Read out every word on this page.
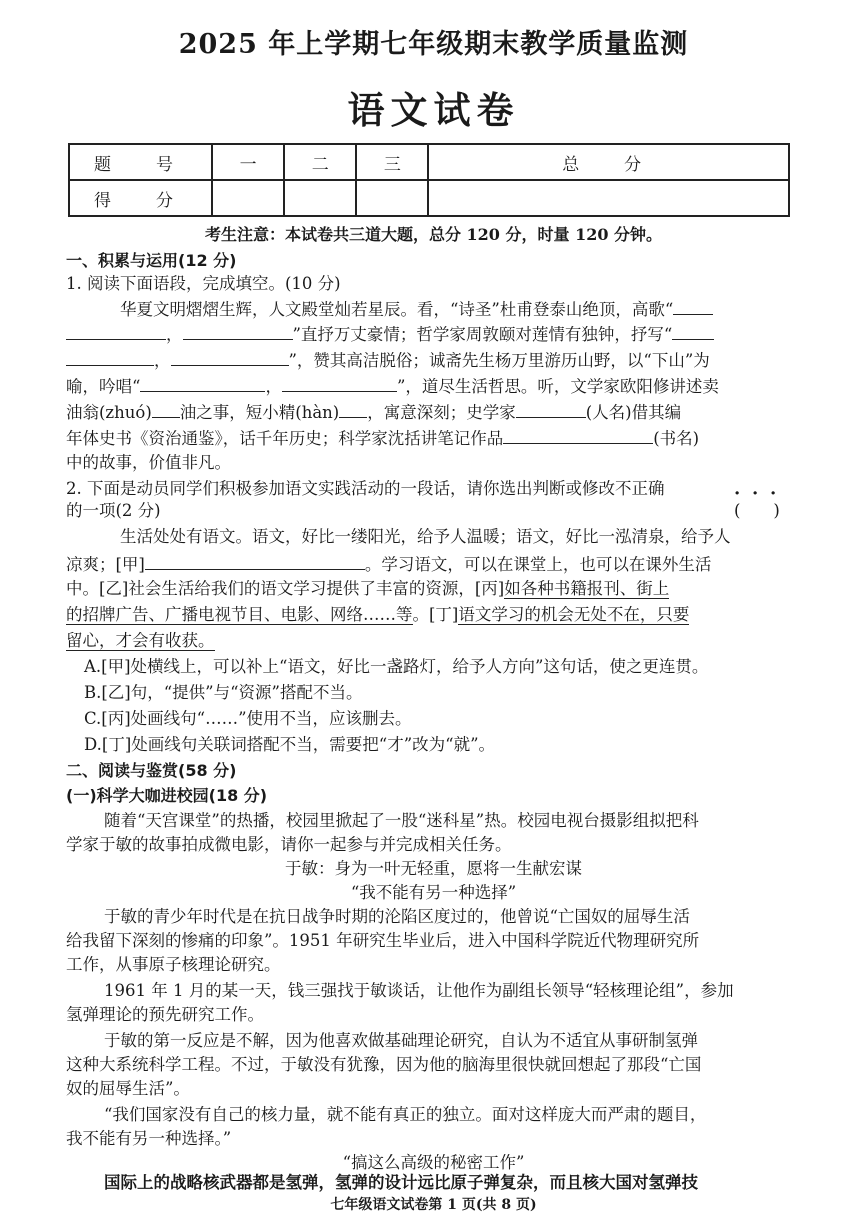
2025 年上学期七年级期末教学质量监测
语文试卷
题　号	一	二	三	总　分
得　分				
考生注意：本试卷共三道大题，总分 120 分，时量 120 分钟。
一、积累与运用(12 分)
1. 阅读下面语段，完成填空。(10 分)
华夏文明熠熠生辉，人文殿堂灿若星辰。看，“诗圣”杜甫登泰山绝顶，高歌“
，	”直抒万丈豪情；哲学家周敦颐对莲情有独钟，抒写“
，	”，赞其高洁脱俗；诚斋先生杨万里游历山野，以“下山”为
喻，吟唱“	，	”，道尽生活哲思。听，文学家欧阳修讲述卖
油翁(zhuó) 油之事，短小精(hàn) ，寓意深刻；史学家	(人名)借其编
年体史书《资治通鉴》，话千年历史；科学家沈括讲笔记作品	(书名)
中的故事，价值非凡。
2. 下面是动员同学们积极参加语文实践活动的一段话，请你选出判断或修改不正确	· · ·
的一项(2 分)	(　　)
生活处处有语文。语文，好比一缕阳光，给予人温暖；语文，好比一泓清泉，给予人
凉爽；[甲]	。学习语文，可以在课堂上，也可以在课外生活
中。[乙]社会生活给我们的语文学习提供了丰富的资源，[丙]如各种书籍报刊、街上
的招牌广告、广播电视节目、电影、网络……等。[丁]语文学习的机会无处不在，只要
留心，才会有收获。
A.[甲]处横线上，可以补上“语文，好比一盏路灯，给予人方向”这句话，使之更连贯。
B.[乙]句，“提供”与“资源”搭配不当。
C.[丙]处画线句“……”使用不当，应该删去。
D.[丁]处画线句关联词搭配不当，需要把“才”改为“就”。
二、阅读与鉴赏(58 分)
(一)科学大咖进校园(18 分)
随着“天宫课堂”的热播，校园里掀起了一股“迷科星”热。校园电视台摄影组拟把科
学家于敏的故事拍成微电影，请你一起参与并完成相关任务。
于敏：身为一叶无轻重，愿将一生献宏谋
“我不能有另一种选择”
于敏的青少年时代是在抗日战争时期的沦陷区度过的，他曾说“亡国奴的屈辱生活
给我留下深刻的惨痛的印象”。1951 年研究生毕业后，进入中国科学院近代物理研究所
工作，从事原子核理论研究。
1961 年 1 月的某一天，钱三强找于敏谈话，让他作为副组长领导“轻核理论组”，参加
氢弹理论的预先研究工作。
于敏的第一反应是不解，因为他喜欢做基础理论研究，自认为不适宜从事研制氢弹
这种大系统科学工程。不过，于敏没有犹豫，因为他的脑海里很快就回想起了那段“亡国
奴的屈辱生活”。
“我们国家没有自己的核力量，就不能有真正的独立。面对这样庞大而严肃的题目，
我不能有另一种选择。”
“搞这么高级的秘密工作”
国际上的战略核武器都是氢弹，氢弹的设计远比原子弹复杂，而且核大国对氢弹技
七年级语文试卷第 1 页(共 8 页)
